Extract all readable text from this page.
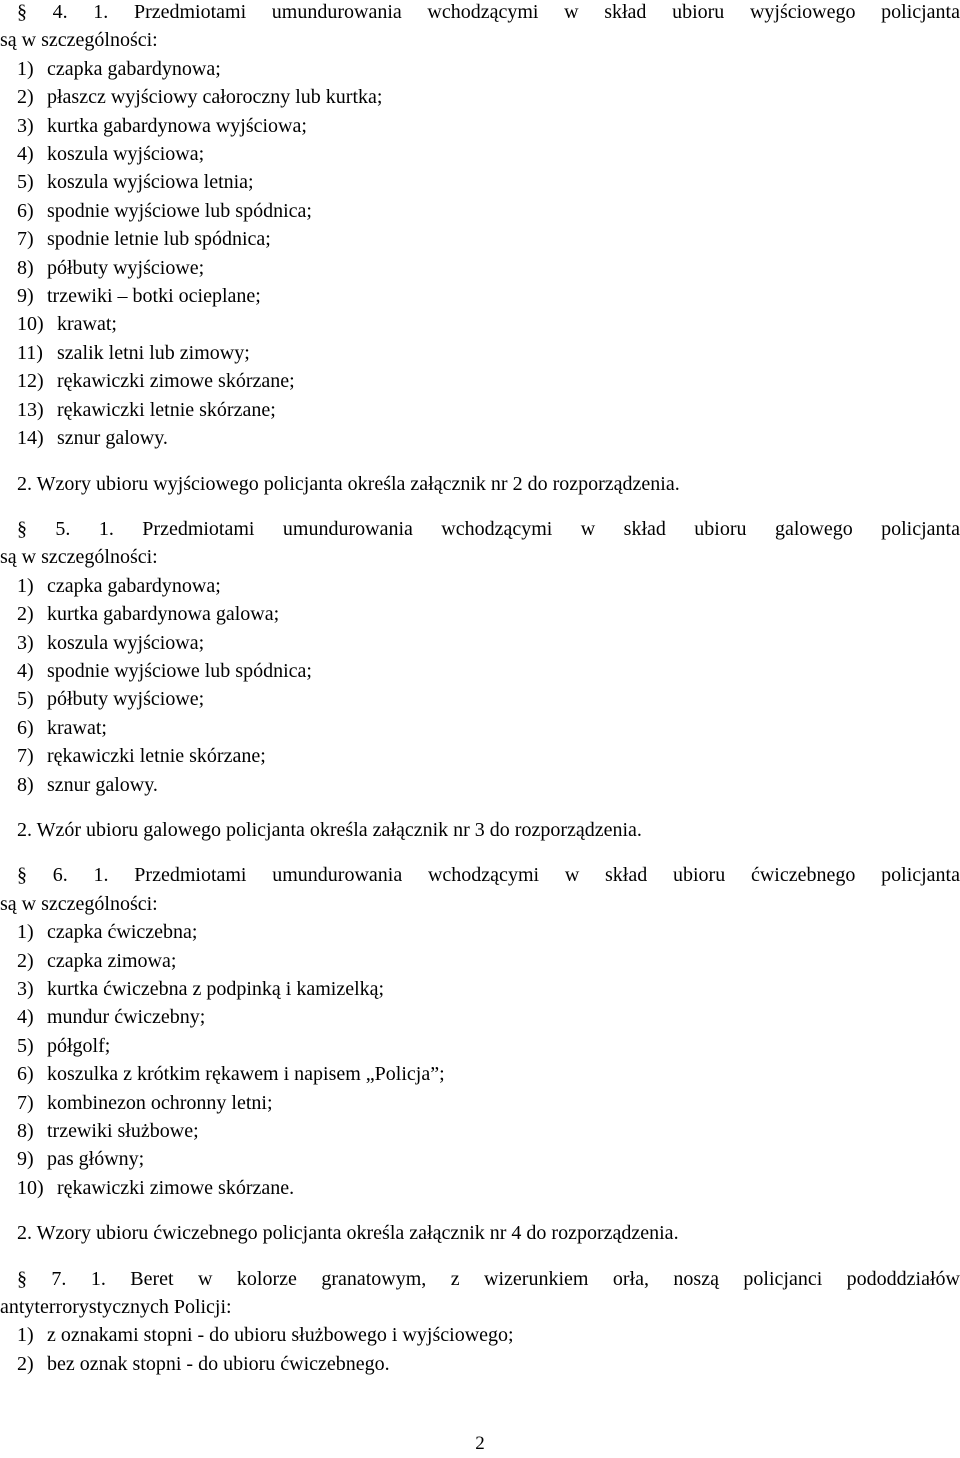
§ 4. 1. Przedmiotami umundurowania wchodzącymi w skład ubioru wyjściowego policjanta
są w szczególności:
1) czapka gabardynowa;
2) płaszcz wyjściowy całoroczny lub kurtka;
3) kurtka gabardynowa wyjściowa;
4) koszula wyjściowa;
5) koszula wyjściowa letnia;
6) spodnie wyjściowe lub spódnica;
7) spodnie letnie lub spódnica;
8) półbuty wyjściowe;
9) trzewiki – botki ocieplane;
10) krawat;
11) szalik letni lub zimowy;
12) rękawiczki zimowe skórzane;
13) rękawiczki letnie skórzane;
14) sznur galowy.
2. Wzory ubioru wyjściowego policjanta określa załącznik nr 2 do rozporządzenia.
§ 5. 1. Przedmiotami umundurowania wchodzącymi w skład ubioru galowego policjanta
są w szczególności:
1) czapka gabardynowa;
2) kurtka gabardynowa galowa;
3) koszula wyjściowa;
4) spodnie wyjściowe lub spódnica;
5) półbuty wyjściowe;
6) krawat;
7) rękawiczki letnie skórzane;
8) sznur galowy.
2. Wzór ubioru galowego policjanta określa załącznik nr 3 do rozporządzenia.
§ 6. 1. Przedmiotami umundurowania wchodzącymi w skład ubioru ćwiczebnego policjanta
są w szczególności:
1) czapka ćwiczebna;
2) czapka zimowa;
3) kurtka ćwiczebna z podpinką i kamizelką;
4) mundur ćwiczebny;
5) półgolf;
6) koszulka z krótkim rękawem i napisem „Policja”;
7) kombinezon ochronny letni;
8) trzewiki służbowe;
9) pas główny;
10) rękawiczki zimowe skórzane.
2. Wzory ubioru ćwiczebnego policjanta określa załącznik nr 4 do rozporządzenia.
§ 7. 1. Beret w kolorze granatowym, z wizerunkiem orła, noszą policjanci pododdziałów
antyterrorystycznych Policji:
1) z oznakami stopni - do ubioru służbowego i wyjściowego;
2) bez oznak stopni - do ubioru ćwiczebnego.
2
